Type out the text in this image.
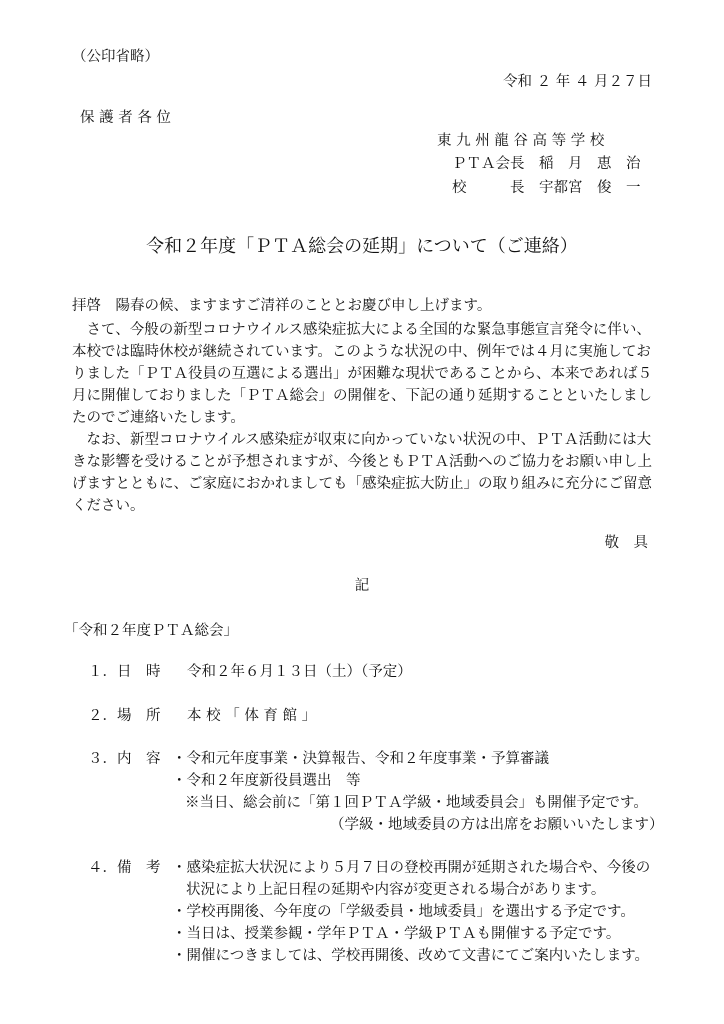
（公印省略）
令和 ２ 年 ４ 月２７日
保 護 者 各 位
東 九 州 龍 谷 高 等 学 校
ＰＴＡ会長　稲　月　恵　治
校　　　長　宇都宮　俊　一
令和２年度「ＰＴＡ総会の延期」について（ご連絡）
拝啓　陽春の候、ますますご清祥のこととお慶び申し上げます。
さて、今般の新型コロナウイルス感染症拡大による全国的な緊急事態宣言発令に伴い、本校では臨時休校が継続されています。このような状況の中、例年では４月に実施しておりました「ＰＴＡ役員の互選による選出」が困難な現状であることから、本来であれば５月に開催しておりました「ＰＴＡ総会」の開催を、下記の通り延期することといたしましたのでご連絡いたします。
なお、新型コロナウイルス感染症が収束に向かっていない状況の中、ＰＴＡ活動には大きな影響を受けることが予想されますが、今後ともＰＴＡ活動へのご協力をお願い申し上げますとともに、ご家庭におかれましても「感染症拡大防止」の取り組みに充分にご留意ください。
敬　具
記
「令和２年度ＰＴＡ総会」
１．日　時 令和２年６月１３日（土）（予定）
２．場　所 本 校 「 体 育 館 」
３．内　容 ・令和元年度事業・決算報告、令和２年度事業・予算審議
・令和２年度新役員選出　等
※当日、総会前に「第１回ＰＴＡ学級・地域委員会」も開催予定です。
（学級・地域委員の方は出席をお願いいたします）
４．備　考 ・感染症拡大状況により５月７日の登校再開が延期された場合や、今後の
状況により上記日程の延期や内容が変更される場合があります。
・学校再開後、今年度の「学級委員・地域委員」を選出する予定です。
・当日は、授業参観・学年ＰＴＡ・学級ＰＴＡも開催する予定です。
・開催につきましては、学校再開後、改めて文書にてご案内いたします。
